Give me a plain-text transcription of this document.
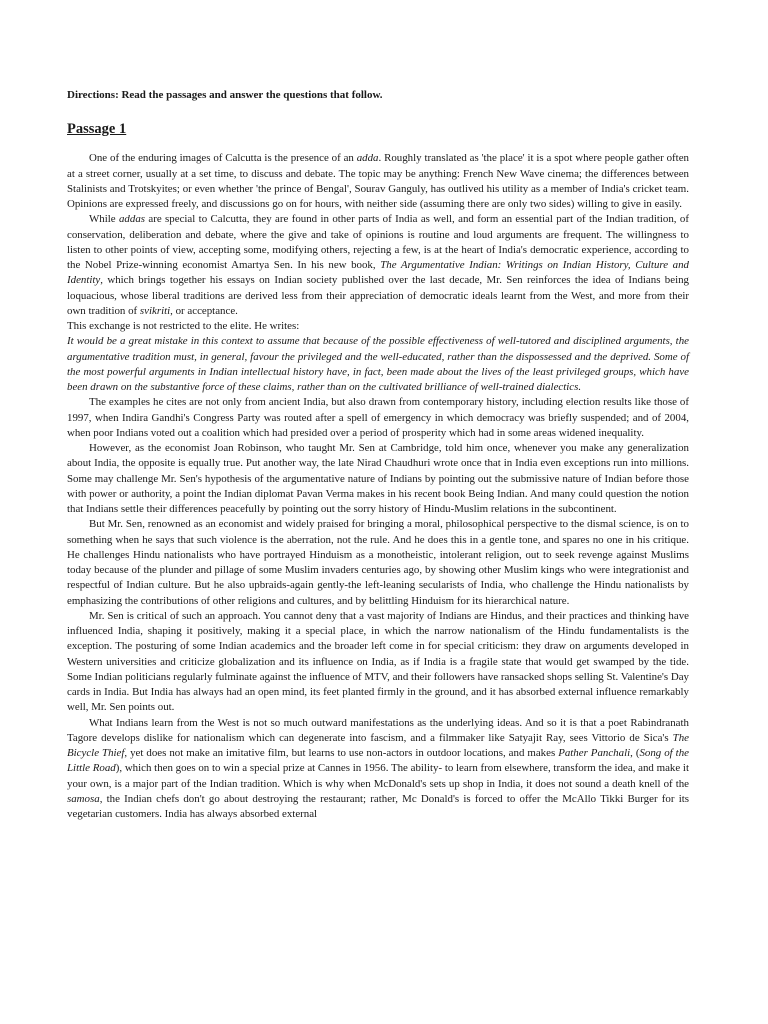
Directions: Read the passages and answer the questions that follow.
Passage 1

One of the enduring images of Calcutta is the presence of an adda. Roughly translated as 'the place' it is a spot where people gather often at a street corner, usually at a set time, to discuss and debate. The topic may be anything: French New Wave cinema; the differences between Stalinists and Trotskyites; or even whether 'the prince of Bengal', Sourav Ganguly, has outlived his utility as a member of India's cricket team. Opinions are expressed freely, and discussions go on for hours, with neither side (assuming there are only two sides) willing to give in easily.

While addas are special to Calcutta, they are found in other parts of India as well, and form an essential part of the Indian tradition, of conservation, deliberation and debate, where the give and take of opinions is routine and loud arguments are frequent. The willingness to listen to other points of view, accepting some, modifying others, rejecting a few, is at the heart of India's democratic experience, according to the Nobel Prize-winning economist Amartya Sen. In his new book, The Argumentative Indian: Writings on Indian History, Culture and Identity, which brings together his essays on Indian society published over the last decade, Mr. Sen reinforces the idea of Indians being loquacious, whose liberal traditions are derived less from their appreciation of democratic ideals learnt from the West, and more from their own tradition of svikriti, or acceptance.

This exchange is not restricted to the elite. He writes:

It would be a great mistake in this context to assume that because of the possible effectiveness of well-tutored and disciplined arguments, the argumentative tradition must, in general, favour the privileged and the well-educated, rather than the dispossessed and the deprived. Some of the most powerful arguments in Indian intellectual history have, in fact, been made about the lives of the least privileged groups, which have been drawn on the substantive force of these claims, rather than on the cultivated brilliance of well-trained dialectics.

The examples he cites are not only from ancient India, but also drawn from contemporary history, including election results like those of 1997, when Indira Gandhi's Congress Party was routed after a spell of emergency in which democracy was briefly suspended; and of 2004, when poor Indians voted out a coalition which had presided over a period of prosperity which had in some areas widened inequality.

However, as the economist Joan Robinson, who taught Mr. Sen at Cambridge, told him once, whenever you make any generalization about India, the opposite is equally true. Put another way, the late Nirad Chaudhuri wrote once that in India even exceptions run into millions. Some may challenge Mr. Sen's hypothesis of the argumentative nature of Indians by pointing out the submissive nature of Indian before those with power or authority, a point the Indian diplomat Pavan Verma makes in his recent book Being Indian. And many could question the notion that Indians settle their differences peacefully by pointing out the sorry history of Hindu-Muslim relations in the subcontinent.

But Mr. Sen, renowned as an economist and widely praised for bringing a moral, philosophical perspective to the dismal science, is on to something when he says that such violence is the aberration, not the rule. And he does this in a gentle tone, and spares no one in his critique. He challenges Hindu nationalists who have portrayed Hinduism as a monotheistic, intolerant religion, out to seek revenge against Muslims today because of the plunder and pillage of some Muslim invaders centuries ago, by showing other Muslim kings who were integrationist and respectful of Indian culture. But he also upbraids-again gently-the left-leaning secularists of India, who challenge the Hindu nationalists by emphasizing the contributions of other religions and cultures, and by belittling Hinduism for its hierarchical nature.

Mr. Sen is critical of such an approach. You cannot deny that a vast majority of Indians are Hindus, and their practices and thinking have influenced India, shaping it positively, making it a special place, in which the narrow nationalism of the Hindu fundamentalists is the exception. The posturing of some Indian academics and the broader left come in for special criticism: they draw on arguments developed in Western universities and criticize globalization and its influence on India, as if India is a fragile state that would get swamped by the tide. Some Indian politicians regularly fulminate against the influence of MTV, and their followers have ransacked shops selling St. Valentine's Day cards in India. But India has always had an open mind, its feet planted firmly in the ground, and it has absorbed external influence remarkably well, Mr. Sen points out.

What Indians learn from the West is not so much outward manifestations as the underlying ideas. And so it is that a poet Rabindranath Tagore develops dislike for nationalism which can degenerate into fascism, and a filmmaker like Satyajit Ray, sees Vittorio de Sica's The Bicycle Thief, yet does not make an imitative film, but learns to use non-actors in outdoor locations, and makes Pather Panchali, (Song of the Little Road), which then goes on to win a special prize at Cannes in 1956. The ability- to learn from elsewhere, transform the idea, and make it your own, is a major part of the Indian tradition. Which is why when McDonald's sets up shop in India, it does not sound a death knell of the samosa, the Indian chefs don't go about destroying the restaurant; rather, Mc Donald's is forced to offer the McAllo Tikki Burger for its vegetarian customers. India has always absorbed external
